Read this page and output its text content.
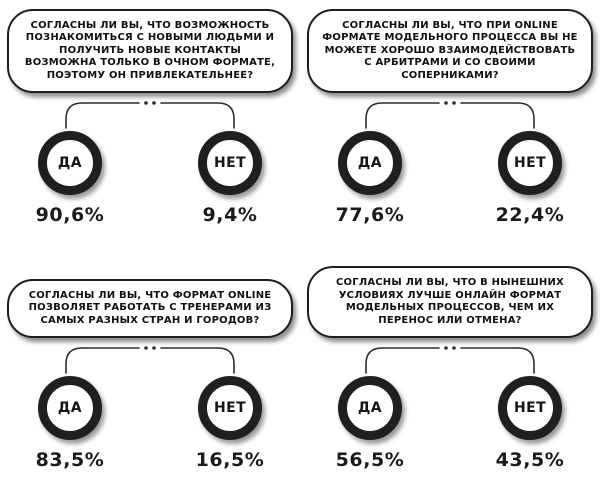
СОГЛАСНЫ ЛИ ВЫ, ЧТО ВОЗМОЖНОСТЬ ПОЗНАКОМИТЬСЯ С НОВЫМИ ЛЮДЬМИ И ПОЛУЧИТЬ НОВЫЕ КОНТАКТЫ ВОЗМОЖНА ТОЛЬКО В ОЧНОМ ФОРМАТЕ, ПОЭТОМУ ОН ПРИВЛЕКАТЕЛЬНЕЕ?
ДА
90,6%
НЕТ
9,4%
СОГЛАСНЫ ЛИ ВЫ, ЧТО ПРИ ONLINE ФОРМАТЕ МОДЕЛЬНОГО ПРОЦЕССА ВЫ НЕ МОЖЕТЕ ХОРОШО ВЗАИМОДЕЙСТВОВАТЬ С АРБИТРАМИ И СО СВОИМИ СОПЕРНИКАМИ?
ДА
77,6%
НЕТ
22,4%
СОГЛАСНЫ ЛИ ВЫ, ЧТО ФОРМАТ ONLINE ПОЗВОЛЯЕТ РАБОТАТЬ С ТРЕНЕРАМИ ИЗ САМЫХ РАЗНЫХ СТРАН И ГОРОДОВ?
ДА
83,5%
НЕТ
16,5%
СОГЛАСНЫ ЛИ ВЫ, ЧТО В НЫНЕШНИХ УСЛОВИЯХ ЛУЧШЕ ОНЛАЙН ФОРМАТ МОДЕЛЬНЫХ ПРОЦЕССОВ, ЧЕМ ИХ ПЕРЕНОС ИЛИ ОТМЕНА?
ДА
56,5%
НЕТ
43,5%
